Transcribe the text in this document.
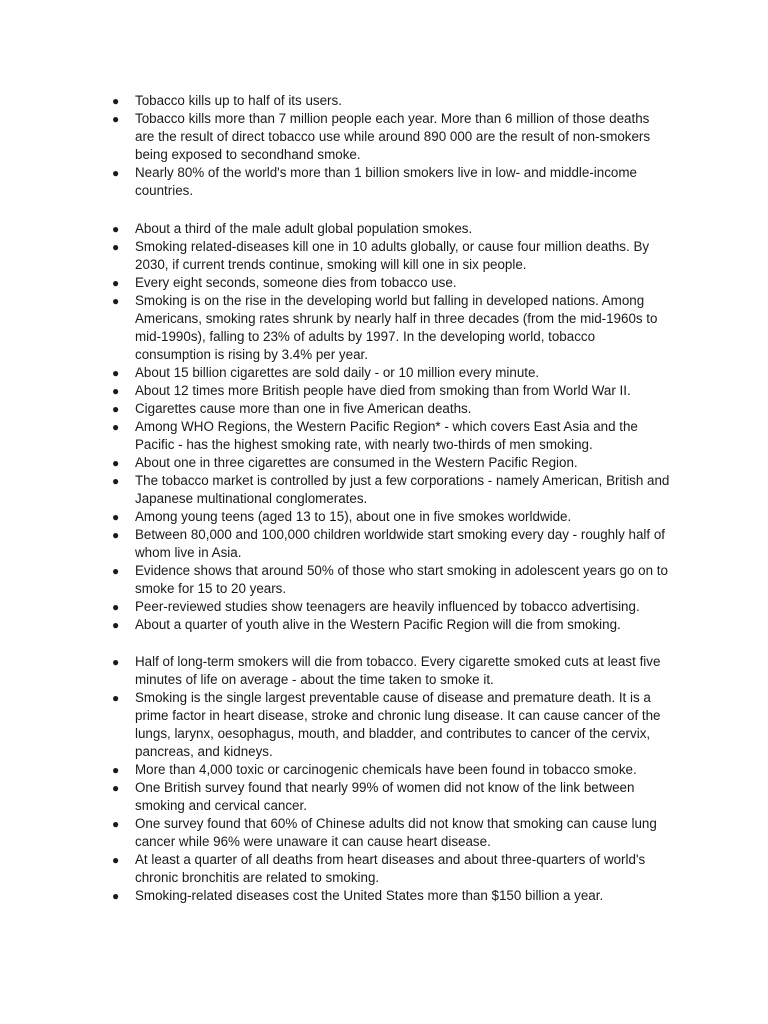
●	Tobacco kills up to half of its users.
●	Tobacco kills more than 7 million people each year. More than 6 million of those deaths are the result of direct tobacco use while around 890 000 are the result of non-smokers being exposed to secondhand smoke.
●	Nearly 80% of the world's more than 1 billion smokers live in low- and middle-income countries.
●	About a third of the male adult global population smokes.
●	Smoking related-diseases kill one in 10 adults globally, or cause four million deaths. By 2030, if current trends continue, smoking will kill one in six people.
●	Every eight seconds, someone dies from tobacco use.
●	Smoking is on the rise in the developing world but falling in developed nations. Among Americans, smoking rates shrunk by nearly half in three decades (from the mid-1960s to mid-1990s), falling to 23% of adults by 1997. In the developing world, tobacco consumption is rising by 3.4% per year.
●	About 15 billion cigarettes are sold daily - or 10 million every minute.
●	About 12 times more British people have died from smoking than from World War II.
●	Cigarettes cause more than one in five American deaths.
●	Among WHO Regions, the Western Pacific Region* - which covers East Asia and the Pacific - has the highest smoking rate, with nearly two-thirds of men smoking.
●	About one in three cigarettes are consumed in the Western Pacific Region.
●	The tobacco market is controlled by just a few corporations - namely American, British and Japanese multinational conglomerates.
●	Among young teens (aged 13 to 15), about one in five smokes worldwide.
●	Between 80,000 and 100,000 children worldwide start smoking every day - roughly half of whom live in Asia.
●	Evidence shows that around 50% of those who start smoking in adolescent years go on to smoke for 15 to 20 years.
●	Peer-reviewed studies show teenagers are heavily influenced by tobacco advertising.
●	About a quarter of youth alive in the Western Pacific Region will die from smoking.
●	Half of long-term smokers will die from tobacco. Every cigarette smoked cuts at least five minutes of life on average - about the time taken to smoke it.
●	Smoking is the single largest preventable cause of disease and premature death. It is a prime factor in heart disease, stroke and chronic lung disease. It can cause cancer of the lungs, larynx, oesophagus, mouth, and bladder, and contributes to cancer of the cervix, pancreas, and kidneys.
●	More than 4,000 toxic or carcinogenic chemicals have been found in tobacco smoke.
●	One British survey found that nearly 99% of women did not know of the link between smoking and cervical cancer.
●	One survey found that 60% of Chinese adults did not know that smoking can cause lung cancer while 96% were unaware it can cause heart disease.
●	At least a quarter of all deaths from heart diseases and about three-quarters of world's chronic bronchitis are related to smoking.
●	Smoking-related diseases cost the United States more than $150 billion a year.
